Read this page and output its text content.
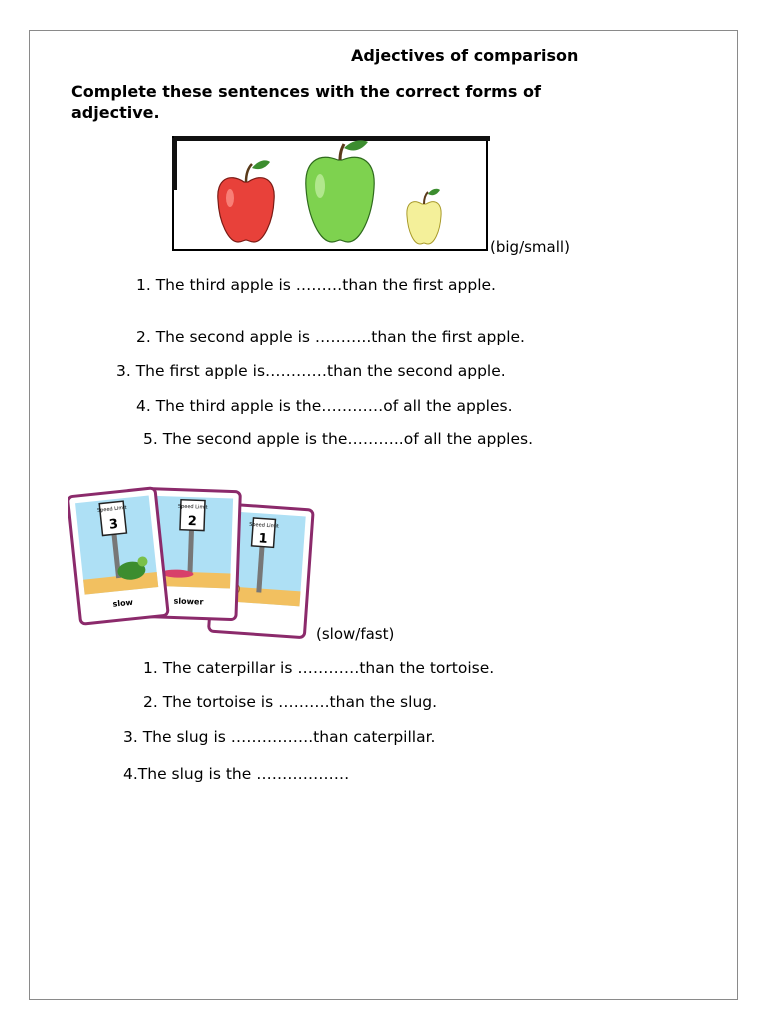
Adjectives of comparison
Complete these sentences with the correct forms of adjective.
(big/small)
1. The third apple is ………than the first apple.
2. The second apple is ………..than the first apple.
3. The first apple is…………than the second apple.
4. The third apple is the…………of all the apples.
5. The second apple is the………..of all the apples.
Speed Limit
1
Speed Limit
2
slower
Speed Limit
3
slow
(slow/fast)
1. The caterpillar is …………than the tortoise.
2. The tortoise is ……….than the slug.
3. The slug is …………….than caterpillar.
4.The slug is the ………………
